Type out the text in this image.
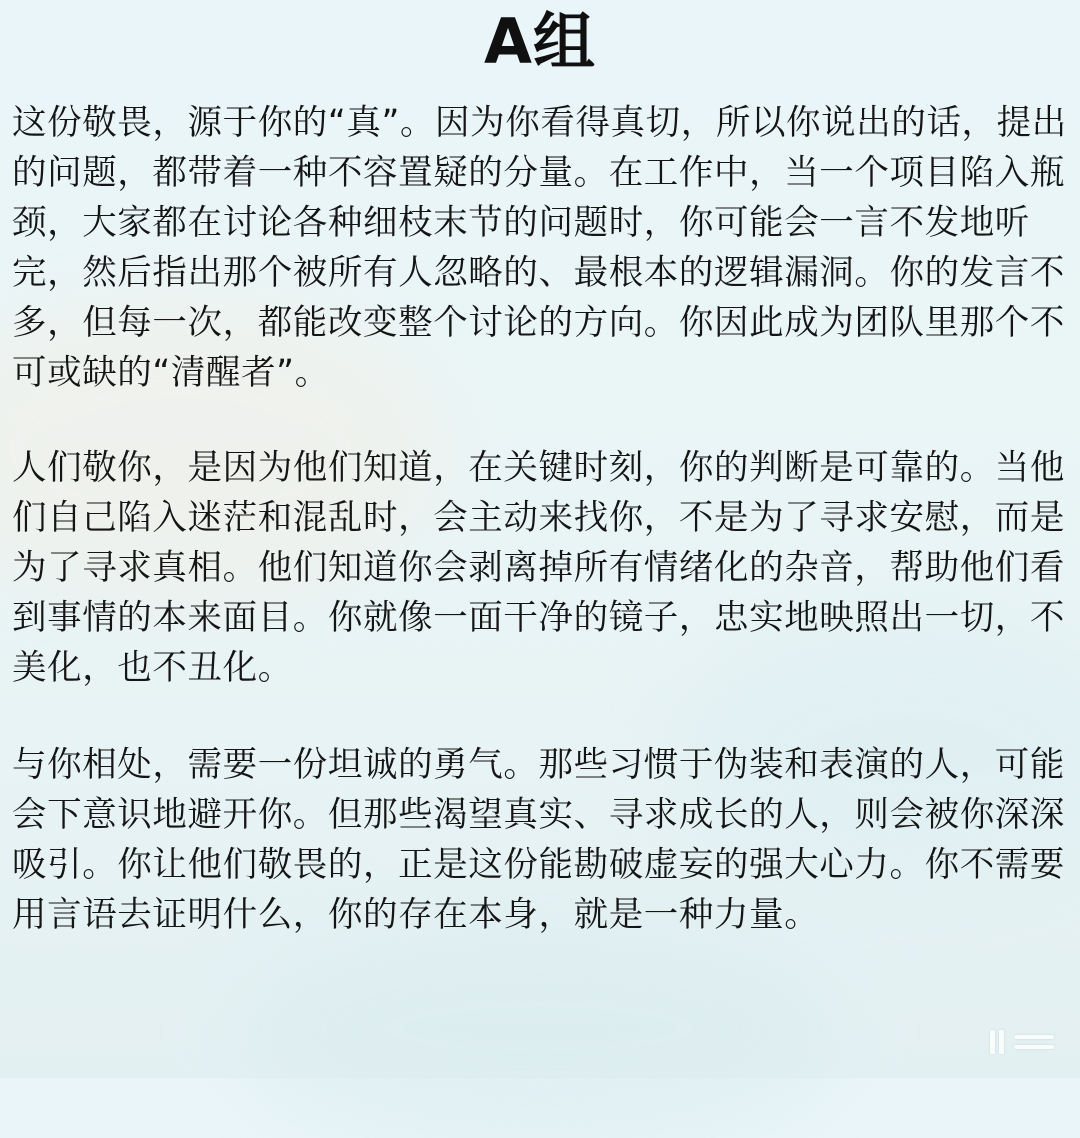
A组

这份敬畏，源于你的“真”。因为你看得真切，所以你说出的话，提出的问题，都带着一种不容置疑的分量。在工作中，当一个项目陷入瓶颈，大家都在讨论各种细枝末节的问题时，你可能会一言不发地听完，然后指出那个被所有人忽略的、最根本的逻辑漏洞。你的发言不多，但每一次，都能改变整个讨论的方向。你因此成为团队里那个不可或缺的“清醒者”。

人们敬你，是因为他们知道，在关键时刻，你的判断是可靠的。当他们自己陷入迷茫和混乱时，会主动来找你，不是为了寻求安慰，而是为了寻求真相。他们知道你会剥离掉所有情绪化的杂音，帮助他们看到事情的本来面目。你就像一面干净的镜子，忠实地映照出一切，不美化，也不丑化。

与你相处，需要一份坦诚的勇气。那些习惯于伪装和表演的人，可能会下意识地避开你。但那些渴望真实、寻求成长的人，则会被你深深吸引。你让他们敬畏的，正是这份能勘破虚妄的强大心力。你不需要用言语去证明什么，你的存在本身，就是一种力量。
